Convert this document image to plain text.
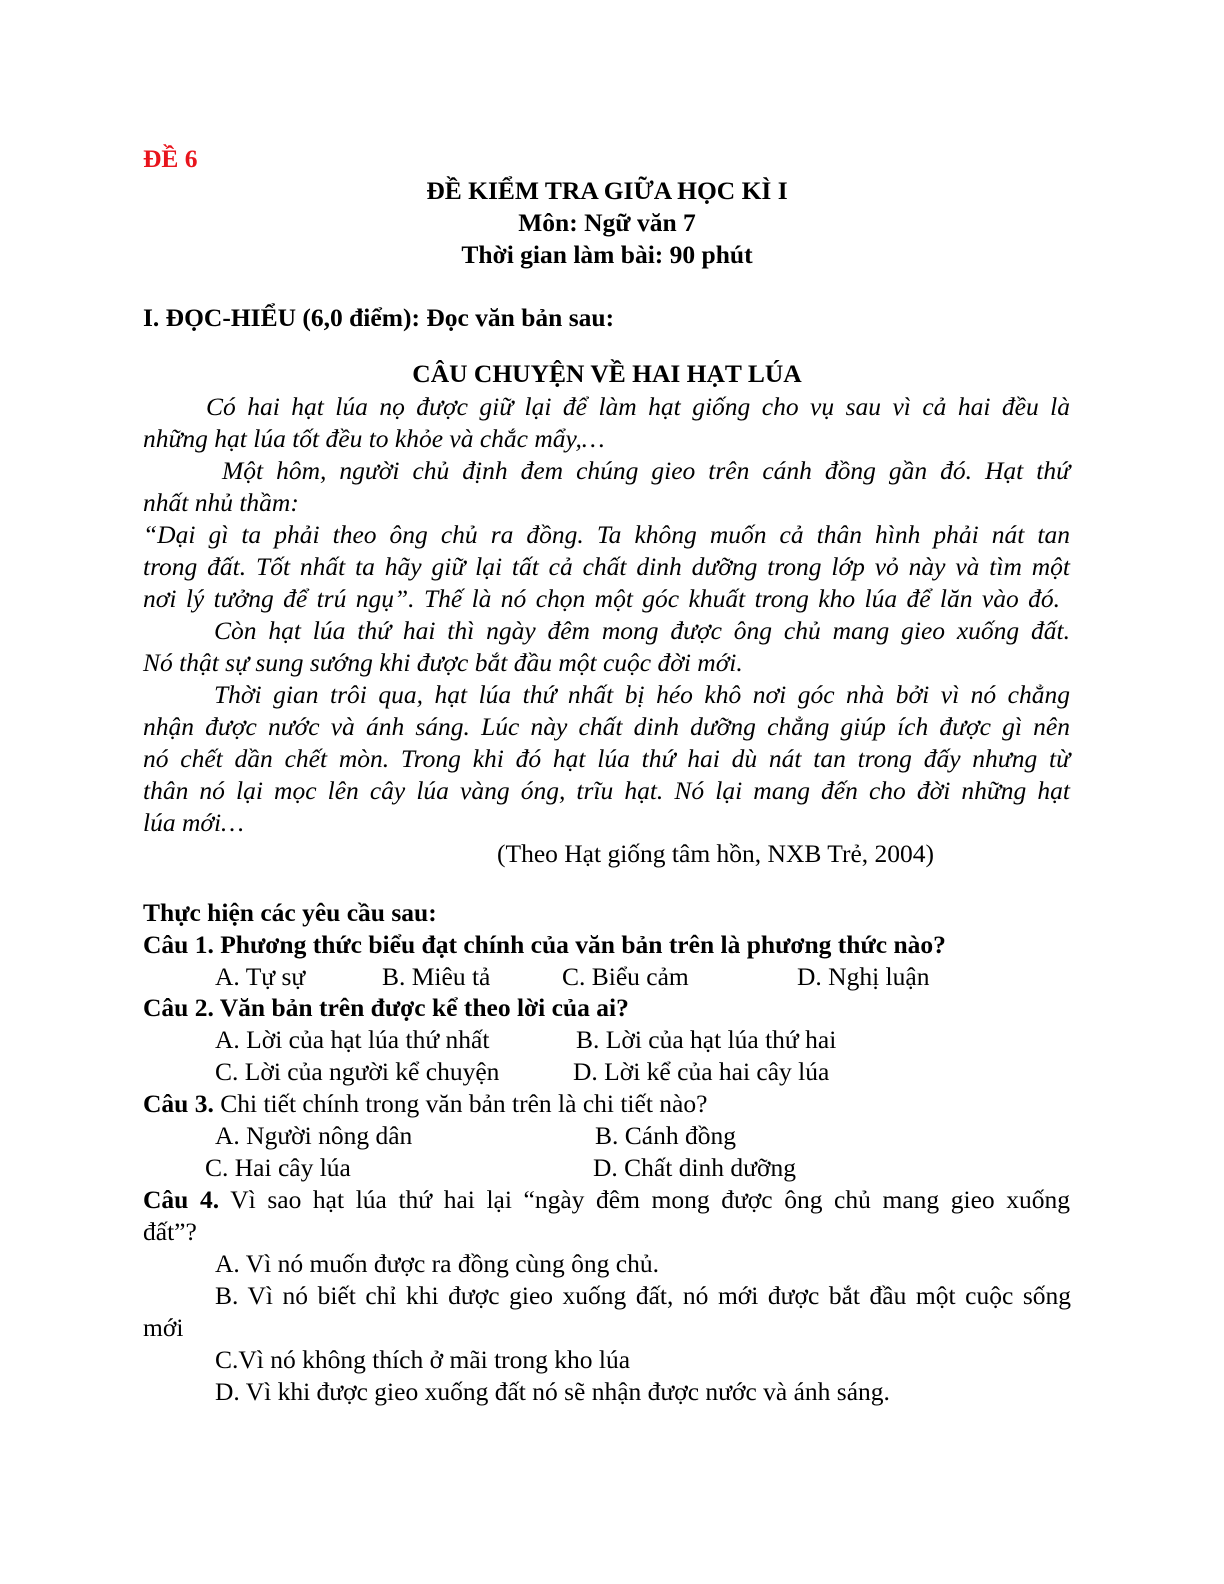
ĐỀ 6
ĐỀ KIỂM TRA GIỮA HỌC KÌ I
Môn: Ngữ văn 7
Thời gian làm bài: 90 phút
I. ĐỌC-HIỂU (6,0 điểm): Đọc văn bản sau:
CÂU CHUYỆN VỀ HAI HẠT LÚA
Có hai hạt lúa nọ được giữ lại để làm hạt giống cho vụ sau vì cả hai đều là
những hạt lúa tốt đều to khỏe và chắc mẩy,…
Một hôm, người chủ định đem chúng gieo trên cánh đồng gần đó. Hạt thứ
nhất nhủ thầm:
“Dại gì ta phải theo ông chủ ra đồng. Ta không muốn cả thân hình phải nát tan
trong đất. Tốt nhất ta hãy giữ lại tất cả chất dinh dưỡng trong lớp vỏ này và tìm một
nơi lý tưởng để trú ngụ”. Thế là nó chọn một góc khuất trong kho lúa để lăn vào đó.
Còn hạt lúa thứ hai thì ngày đêm mong được ông chủ mang gieo xuống đất.
Nó thật sự sung sướng khi được bắt đầu một cuộc đời mới.
Thời gian trôi qua, hạt lúa thứ nhất bị héo khô nơi góc nhà bởi vì nó chẳng
nhận được nước và ánh sáng. Lúc này chất dinh dưỡng chẳng giúp ích được gì nên
nó chết dần chết mòn. Trong khi đó hạt lúa thứ hai dù nát tan trong đấy nhưng từ
thân nó lại mọc lên cây lúa vàng óng, trĩu hạt. Nó lại mang đến cho đời những hạt
lúa mới…
(Theo Hạt giống tâm hồn, NXB Trẻ, 2004)
Thực hiện các yêu cầu sau:
Câu 1. Phương thức biểu đạt chính của văn bản trên là phương thức nào?
A. Tự sự	B. Miêu tả	C. Biểu cảm	D. Nghị luận
Câu 2. Văn bản trên được kể theo lời của ai?
A. Lời của hạt lúa thứ nhất	B. Lời của hạt lúa thứ hai
C. Lời của người kể chuyện	D. Lời kể của hai cây lúa
Câu 3. Chi tiết chính trong văn bản trên là chi tiết nào?
A. Người nông dân	B. Cánh đồng
C. Hai cây lúa	D. Chất dinh dưỡng
Câu 4. Vì sao hạt lúa thứ hai lại “ngày đêm mong được ông chủ mang gieo xuống
đất”?
A. Vì nó muốn được ra đồng cùng ông chủ.
B. Vì nó biết chỉ khi được gieo xuống đất, nó mới được bắt đầu một cuộc sống
mới
C.Vì nó không thích ở mãi trong kho lúa
D. Vì khi được gieo xuống đất nó sẽ nhận được nước và ánh sáng.
